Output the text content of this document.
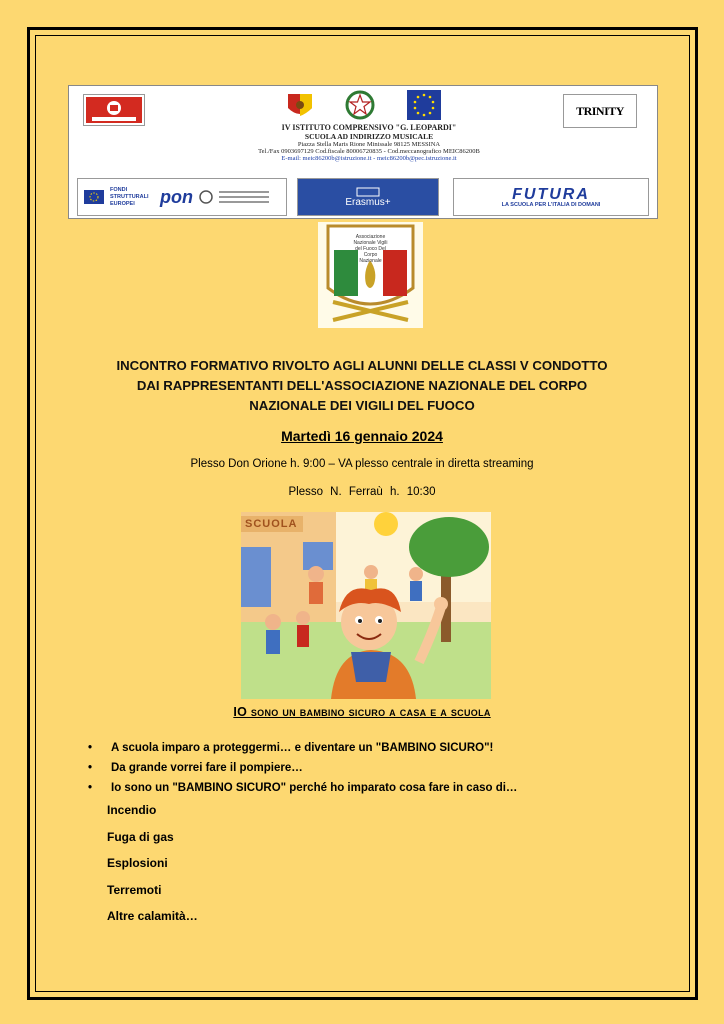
TRINITY
IV ISTITUTO COMPRENSIVO "G. LEOPARDI"
SCUOLA AD INDIRIZZO MUSICALE
Piazza Stella Maris Rione Minissale 98125 MESSINA
Tel./Fax 0903697129 Cod.fiscale 80006720835 - Cod.meccanografico MEIC86200B
E-mail: meic86200b@istruzione.it - meic86200b@pec.istruzione.it
FONDI STRUTTURALI EUROPEI	pon	Erasmus+	FUTURA
LA SCUOLA PER L'ITALIA DI DOMANI
Associazione Nazionale Vigili del Fuoco Del Corpo Nazionale
INCONTRO FORMATIVO RIVOLTO AGLI ALUNNI DELLE CLASSI V CONDOTTO
DAI RAPPRESENTANTI DELL'ASSOCIAZIONE NAZIONALE DEL CORPO
NAZIONALE DEI VIGILI DEL FUOCO
Martedì 16 gennaio 2024
Plesso Don Orione h. 9:00 – VA plesso centrale in diretta streaming
Plesso N. Ferraù h. 10:30
SCUOLA
IO sono un bambino sicuro a casa e a scuola
• A scuola imparo a proteggermi… e diventare un "BAMBINO SICURO"!
• Da grande vorrei fare il pompiere…
• Io sono un "BAMBINO SICURO" perché ho imparato cosa fare in caso di…
Incendio
Fuga di gas
Esplosioni
Terremoti
Altre calamità…
